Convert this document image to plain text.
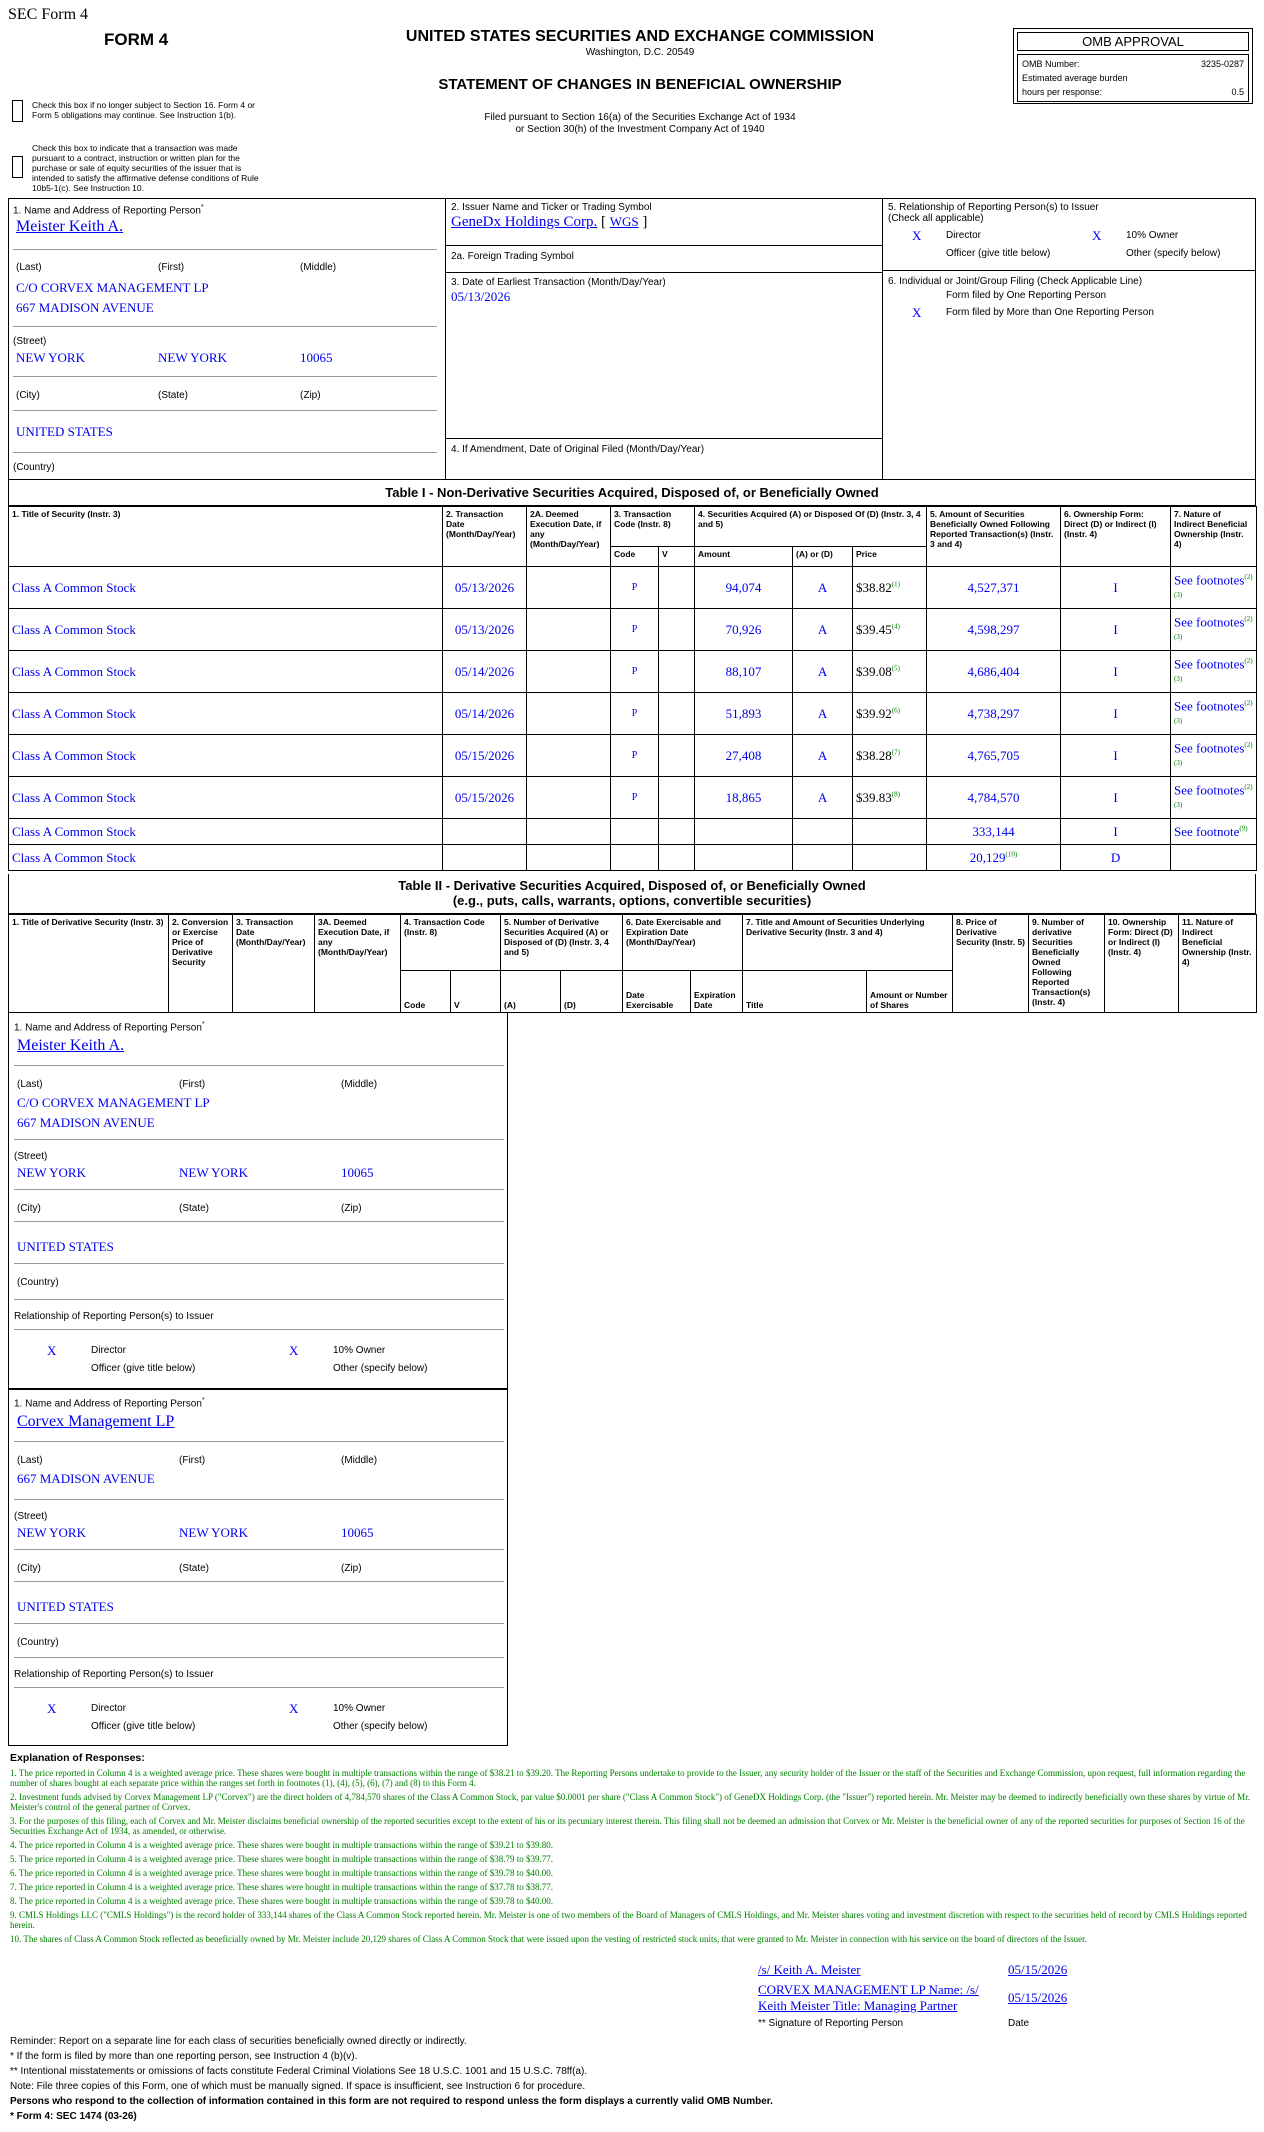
SEC Form 4
FORM 4	UNITED STATES SECURITIES AND EXCHANGE COMMISSION
Washington, D.C. 20549
STATEMENT OF CHANGES IN BENEFICIAL OWNERSHIP
Filed pursuant to Section 16(a) of the Securities Exchange Act of 1934
or Section 30(h) of the Investment Company Act of 1940
Check this box if no longer subject to Section 16. Form 4 or Form 5 obligations may continue. See Instruction 1(b).
Check this box to indicate that a transaction was made pursuant to a contract, instruction or written plan for the purchase or sale of equity securities of the issuer that is intended to satisfy the affirmative defense conditions of Rule 10b5-1(c). See Instruction 10.
OMB APPROVAL
OMB Number:	3235-0287
Estimated average burden
hours per response:	0.5
1. Name and Address of Reporting Person*
Meister Keith A.
(Last)	(First)	(Middle)
C/O CORVEX MANAGEMENT LP
667 MADISON AVENUE
(Street)
NEW YORK	NEW YORK	10065
(City)	(State)	(Zip)
UNITED STATES
(Country)
2. Issuer Name and Ticker or Trading Symbol
GeneDx Holdings Corp. [ WGS ]
2a. Foreign Trading Symbol
3. Date of Earliest Transaction (Month/Day/Year)
05/13/2026
4. If Amendment, Date of Original Filed (Month/Day/Year)
5. Relationship of Reporting Person(s) to Issuer
(Check all applicable)
X Director	X 10% Owner
Officer (give title below)	Other (specify below)
6. Individual or Joint/Group Filing (Check Applicable Line)
Form filed by One Reporting Person
X Form filed by More than One Reporting Person
Table I - Non-Derivative Securities Acquired, Disposed of, or Beneficially Owned
1. Title of Security (Instr. 3)	2. Transaction Date (Month/Day/Year)	2A. Deemed Execution Date, if any (Month/Day/Year)	3. Transaction Code (Instr. 8)		4. Securities Acquired (A) or Disposed Of (D) (Instr. 3, 4 and 5)			5. Amount of Securities Beneficially Owned Following Reported Transaction(s) (Instr. 3 and 4)	6. Ownership Form: Direct (D) or Indirect (I) (Instr. 4)	7. Nature of Indirect Beneficial Ownership (Instr. 4)
			Code	V	Amount	(A) or (D)	Price			
Class A Common Stock	05/13/2026		P		94,074	A	$38.82$^{(1)}$	4,527,371	I	See footnotes$^{(2)(3)}$
Class A Common Stock	05/13/2026		P		70,926	A	$39.45$^{(4)}$	4,598,297	I	See footnotes$^{(2)(3)}$
Class A Common Stock	05/14/2026		P		88,107	A	$39.08$^{(5)}$	4,686,404	I	See footnotes$^{(2)(3)}$
Class A Common Stock	05/14/2026		P		51,893	A	$39.92$^{(6)}$	4,738,297	I	See footnotes$^{(2)(3)}$
Class A Common Stock	05/15/2026		P		27,408	A	$38.28$^{(7)}$	4,765,705	I	See footnotes$^{(2)(3)}$
Class A Common Stock	05/15/2026		P		18,865	A	$39.83$^{(8)}$	4,784,570	I	See footnotes$^{(2)(3)}$
Class A Common Stock								333,144	I	See footnote$^{(9)}$
Class A Common Stock								20,129$^{(10)}$	D	
Table II - Derivative Securities Acquired, Disposed of, or Beneficially Owned
(e.g., puts, calls, warrants, options, convertible securities)
1. Title of Derivative Security (Instr. 3)	2. Conversion or Exercise Price of Derivative Security	3. Transaction Date (Month/Day/Year)	3A. Deemed Execution Date, if any (Month/Day/Year)	4. Transaction Code (Instr. 8)		5. Number of Derivative Securities Acquired (A) or Disposed of (D) (Instr. 3, 4 and 5)		6. Date Exercisable and Expiration Date (Month/Day/Year)		7. Title and Amount of Securities Underlying Derivative Security (Instr. 3 and 4)		8. Price of Derivative Security (Instr. 5)	9. Number of derivative Securities Beneficially Owned Following Reported Transaction(s) (Instr. 4)	10. Ownership Form: Direct (D) or Indirect (I) (Instr. 4)	11. Nature of Indirect Beneficial Ownership (Instr. 4)
				Code	V	(A)	(D)	Date Exercisable	Expiration Date	Title	Amount or Number of Shares				
1. Name and Address of Reporting Person*
Meister Keith A.
(Last)	(First)	(Middle)
C/O CORVEX MANAGEMENT LP
667 MADISON AVENUE
(Street)
NEW YORK	NEW YORK	10065
(City)	(State)	(Zip)
UNITED STATES
(Country)
Relationship of Reporting Person(s) to Issuer
X	Director	X	10% Owner
Officer (give title below)	Other (specify below)
1. Name and Address of Reporting Person*
Corvex Management LP
(Last)	(First)	(Middle)
667 MADISON AVENUE
(Street)
NEW YORK	NEW YORK	10065
(City)	(State)	(Zip)
UNITED STATES
(Country)
Relationship of Reporting Person(s) to Issuer
X	Director	X	10% Owner
Officer (give title below)	Other (specify below)
Explanation of Responses:
1. The price reported in Column 4 is a weighted average price. These shares were bought in multiple transactions within the range of $38.21 to $39.20. The Reporting Persons undertake to provide to the Issuer, any security holder of the Issuer or the staff of the Securities and Exchange Commission, upon request, full information regarding the number of shares bought at each separate price within the ranges set forth in footnotes (1), (4), (5), (6), (7) and (8) to this Form 4.
2. Investment funds advised by Corvex Management LP ("Corvex") are the direct holders of 4,784,570 shares of the Class A Common Stock, par value $0.0001 per share ("Class A Common Stock") of GeneDX Holdings Corp. (the "Issuer") reported herein. Mr. Meister may be deemed to indirectly beneficially own these shares by virtue of Mr. Meister's control of the general partner of Corvex.
3. For the purposes of this filing, each of Corvex and Mr. Meister disclaims beneficial ownership of the reported securities except to the extent of his or its pecuniary interest therein. This filing shall not be deemed an admission that Corvex or Mr. Meister is the beneficial owner of any of the reported securities for purposes of Section 16 of the Securities Exchange Act of 1934, as amended, or otherwise.
4. The price reported in Column 4 is a weighted average price. These shares were bought in multiple transactions within the range of $39.21 to $39.80.
5. The price reported in Column 4 is a weighted average price. These shares were bought in multiple transactions within the range of $38.79 to $39.77.
6. The price reported in Column 4 is a weighted average price. These shares were bought in multiple transactions within the range of $39.78 to $40.00.
7. The price reported in Column 4 is a weighted average price. These shares were bought in multiple transactions within the range of $37.78 to $38.77.
8. The price reported in Column 4 is a weighted average price. These shares were bought in multiple transactions within the range of $39.78 to $40.00.
9. CMLS Holdings LLC ("CMLS Holdings") is the record holder of 333,144 shares of the Class A Common Stock reported herein. Mr. Meister is one of two members of the Board of Managers of CMLS Holdings, and Mr. Meister shares voting and investment discretion with respect to the securities held of record by CMLS Holdings reported herein.
10. The shares of Class A Common Stock reflected as beneficially owned by Mr. Meister include 20,129 shares of Class A Common Stock that were issued upon the vesting of restricted stock units, that were granted to Mr. Meister in connection with his service on the board of directors of the Issuer.
/s/ Keith A. Meister	05/15/2026
CORVEX MANAGEMENT LP Name: /s/
Keith Meister Title: Managing Partner
05/15/2026
** Signature of Reporting Person	Date
Reminder: Report on a separate line for each class of securities beneficially owned directly or indirectly.
* If the form is filed by more than one reporting person, see Instruction 4 (b)(v).
** Intentional misstatements or omissions of facts constitute Federal Criminal Violations See 18 U.S.C. 1001 and 15 U.S.C. 78ff(a).
Note: File three copies of this Form, one of which must be manually signed. If space is insufficient, see Instruction 6 for procedure.
Persons who respond to the collection of information contained in this form are not required to respond unless the form displays a currently valid OMB Number.
* Form 4: SEC 1474 (03-26)
